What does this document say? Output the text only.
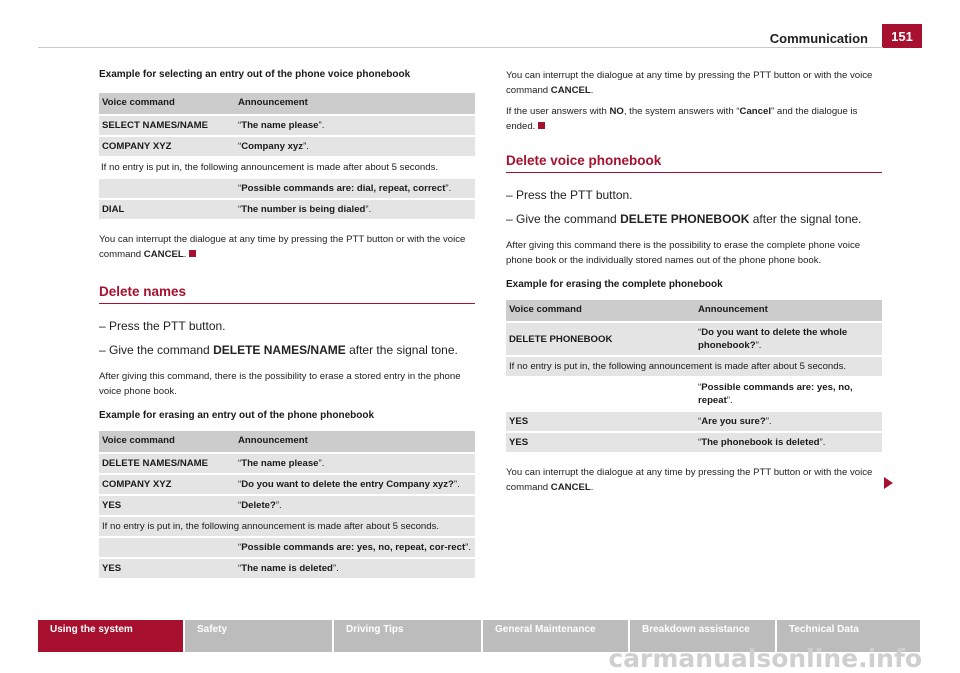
Communication	151

Example for selecting an entry out of the phone voice phonebook

Voice command	Announcement
SELECT NAMES/NAME	“The name please”.
COMPANY XYZ	“Company xyz”.
If no entry is put in, the following announcement is made after about 5 seconds.	
	“Possible commands are: dial, repeat, correct”.
DIAL	“The number is being dialed”.

You can interrupt the dialogue at any time by pressing the PTT button or with the voice command CANCEL.

Delete names

– Press the PTT button.

– Give the command DELETE NAMES/NAME after the signal tone.

After giving this command, there is the possibility to erase a stored entry in the phone voice phone book.

Example for erasing an entry out of the phone phonebook

Voice command	Announcement
DELETE NAMES/NAME	“The name please”.
COMPANY XYZ	“Do you want to delete the entry Company xyz?”.
YES	“Delete?”.
If no entry is put in, the following announcement is made after about 5 seconds.	
	“Possible commands are: yes, no, repeat, cor-rect”.
YES	“The name is deleted”.

You can interrupt the dialogue at any time by pressing the PTT button or with the voice command CANCEL.

If the user answers with NO, the system answers with “Cancel” and the dialogue is ended.

Delete voice phonebook

– Press the PTT button.

– Give the command DELETE PHONEBOOK after the signal tone.

After giving this command there is the possibility to erase the complete phone voice phone book or the individually stored names out of the phone phone book.

Example for erasing the complete phonebook

Voice command	Announcement
DELETE PHONEBOOK	“Do you want to delete the whole phonebook?”.
If no entry is put in, the following announcement is made after about 5 seconds.	
	“Possible commands are: yes, no, repeat”.
YES	“Are you sure?”.
YES	“The phonebook is deleted”.

You can interrupt the dialogue at any time by pressing the PTT button or with the voice command CANCEL.

Using the system	Safety	Driving Tips	General Maintenance	Breakdown assistance	Technical Data
carmanualsonline.info
